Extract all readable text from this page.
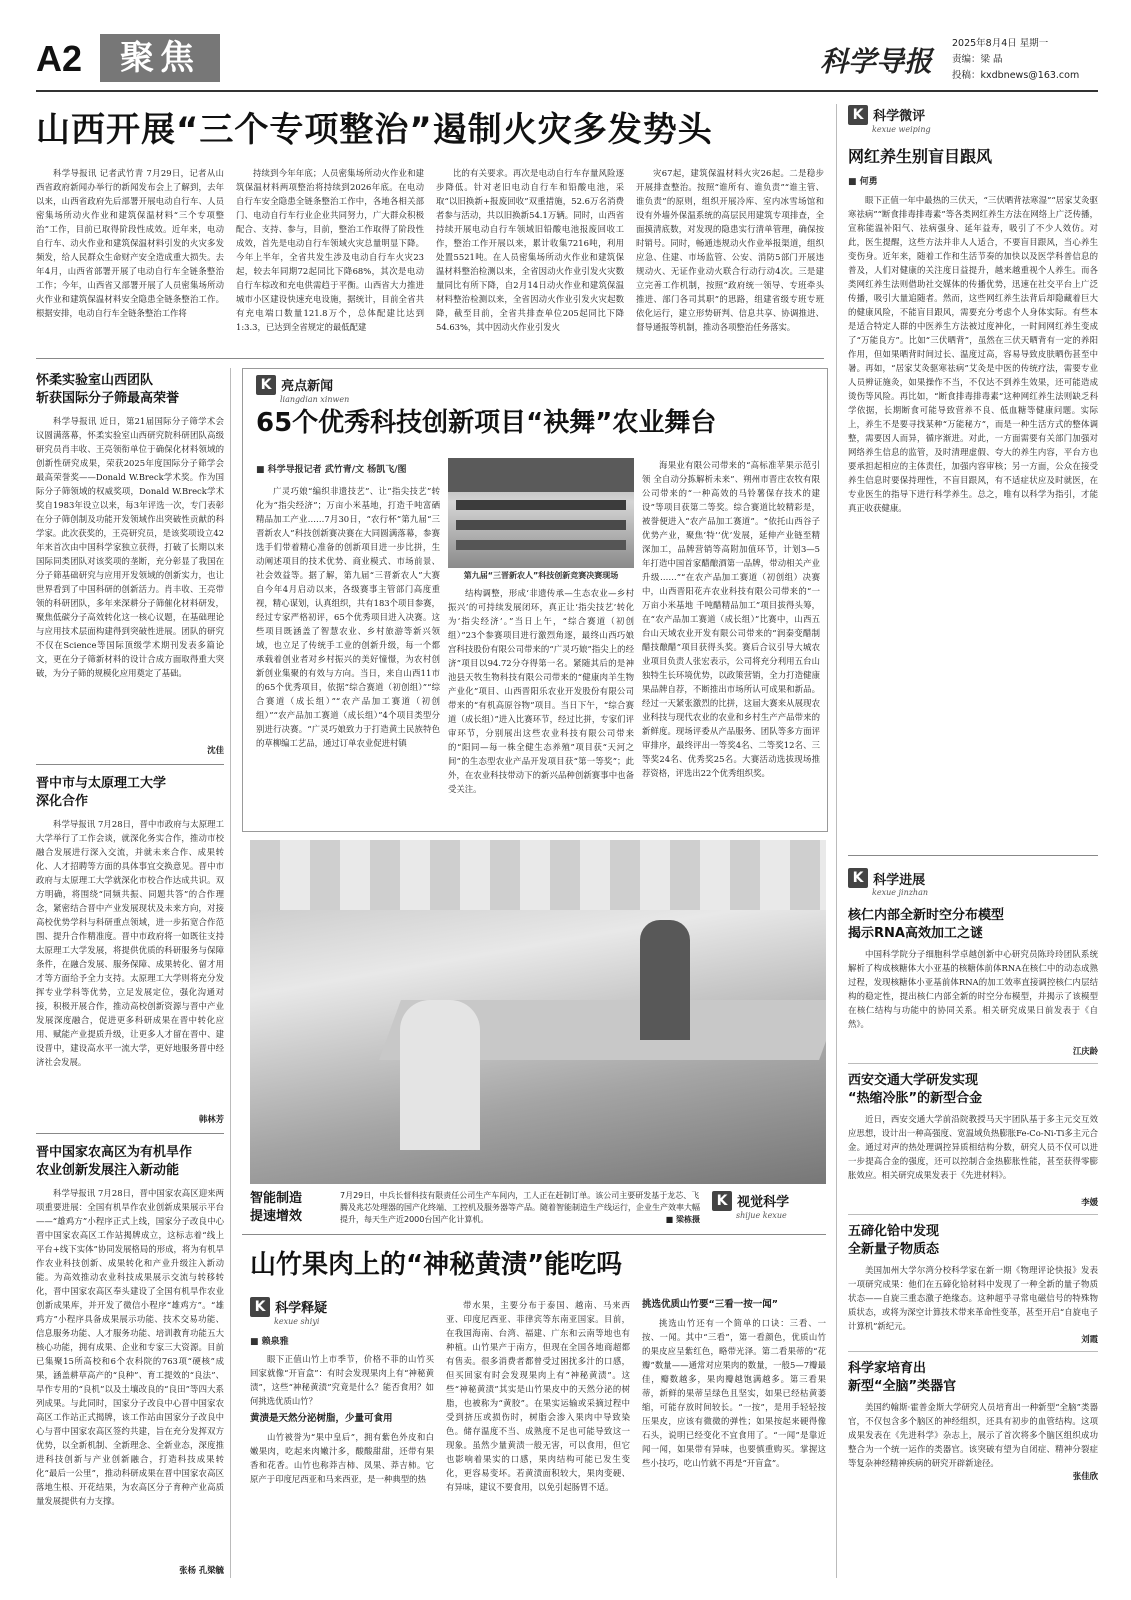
A2	聚焦	科学导报
2025年8月4日 星期一
责编：梁 晶
投稿：kxdbnews@163.com
山西开展“三个专项整治”遏制火灾多发势头

科学导报讯 记者武竹青 7月29日，记者从山西省政府新闻办举行的新闻发布会上了解到，去年以来，山西省政府先后部署开展电动自行车、人员密集场所动火作业和建筑保温材料“三个专项整治”工作，目前已取得阶段性成效。近年来，电动自行车、动火作业和建筑保温材料引发的火灾多发频发，给人民群众生命财产安全造成重大损失。去年4月，山西省部署开展了电动自行车全链条整治工作；今年，山西省又部署开展了人员密集场所动火作业和建筑保温材料安全隐患全链条整治工作。根据安排，电动自行车全链条整治工作将

持续到今年年底；人员密集场所动火作业和建筑保温材料两项整治将持续到2026年底。在电动自行车安全隐患全链条整治工作中，各地各相关部门、电动自行车行业企业共同努力，广大群众积极配合、支持、参与，目前，整治工作取得了阶段性成效，首先是电动自行车领域火灾总量明显下降。今年上半年，全省共发生涉及电动自行车火灾23起，较去年同期72起同比下降68%，其次是电动自行车棕改和充电供需趋于平衡。山西省大力推进城市小区建设快速充电设施，据统计，目前全省共有充电端口数量121.8万个，总体配建比达到1:3.3，已达到全省规定的最低配建

比的有关要求。再次是电动自行车存量风险逐步降低。针对老旧电动自行车和铅酸电池，采取“以旧换新+报废回收”双重措施，52.6万名消费者参与活动，共以旧换新54.1万辆。同时，山西省持续开展电动自行车领域旧铅酸电池报废回收工作，整治工作开展以来，累计收集7216吨，利用处置5521吨。在人员密集场所动火作业和建筑保温材料整治检测以来，全省因动火作业引发火灾数量同比有所下降，自2月14日动火作业和建筑保温材料整治检测以来，全省因动火作业引发火灾起数降，截至目前，全省共排查单位205起同比下降54.63%，其中因动火作业引发火

灾67起，建筑保温材料火灾26起。二是稳步开展排查整治。按照“谁所有、谁负责”“谁主管、谁负责”的原则，组织开展冷库、室内冰雪场馆和设有外墙外保温系统的高层民用建筑专项排查，全面摸清底数，对发现的隐患实行清单管理，确保按时销号。同时，畅通违规动火作业举报渠道，组织应急、住建、市场监管、公安、消防5部门开展违规动火、无证作业动火联合行动行动4次。三是建立完善工作机制，按照“政府统一领导、专班牵头推进、部门各司其职”的思路，组建省级专班专班依化运行，建立形势研判、信息共享、协调推进、督导通报等机制，推动各项整治任务落实。

怀柔实验室山西团队
斩获国际分子筛最高荣誉

科学导报讯 近日，第21届国际分子筛学术会议圆满落幕，怀柔实验室山西研究院科研团队高级研究员肖丰收、王亮领衔单位于确保化材料领域的创新性研究成果，荣获2025年度国际分子筛学会最高荣誉奖——Donald W.Breck学术奖。作为国际分子筛领域的权威奖项，Donald W.Breck学术奖自1983年设立以来，每3年评选一次，专门表彰在分子筛创制及功能开发领域作出突破性贡献的科学家。此次获奖的，王亮研究员，是该奖项设立42年来首次由中国科学家独立获得，打破了长期以来国际同类团队对该奖项的垄断，充分彰显了我国在分子筛基础研究与应用开发领域的创新实力，也让世界看到了中国科研的创新活力。肖丰收、王亮带领的科研团队，多年来深耕分子筛催化材料研发，聚焦低碳分子高效转化这一核心议题，在基础理论与应用技术层面构建得到突破性进展。团队的研究不仅在Science等国际顶级学术期刊发表多篇论文，更在分子筛新材料的设计合成方面取得重大突破，为分子筛的规模化应用奠定了基础。

沈佳
晋中市与太原理工大学
深化合作

科学导报讯 7月28日，晋中市政府与太原理工大学举行了工作会谈，就深化务实合作，推动市校融合发展进行深入交流，并就未来合作、成果转化、人才招聘等方面的具体事宜交换意见。晋中市政府与太原理工大学就深化市校合作达成共识。双方明确，将围绕“同频共振、同题共答”的合作理念，紧密结合晋中产业发展现状及未来方向，对接高校优势学科与科研重点领域，进一步拓宽合作范围、提升合作精准度。晋中市政府将一如既往支持太原理工大学发展，将提供优质的科研服务与保障条件，在融合发展、服务保障、成果转化、留才用才等方面给予全力支持。太原理工大学则将充分发挥专业学科等优势，立足发展定位，强化沟通对接，积极开展合作，推动高校创新资源与晋中产业发展深度融合，促进更多科研成果在晋中转化应用、赋能产业提质升级，让更多人才留在晋中、建设晋中，建设高水平一流大学，更好地服务晋中经济社会发展。

韩林芳
晋中国家农高区为有机旱作
农业创新发展注入新动能

科学导报讯 7月28日，晋中国家农高区迎来两项重要进展：全国有机旱作农业创新成果展示平台——“雄鸡方”小程序正式上线，国家分子改良中心晋中国家农高区工作站揭牌成立，这标志着“线上平台+线下实体”协同发展格局的形成，将为有机旱作农业科技创新、成果转化和产业升级注入新动能。为高效推动农业科技成果展示交流与转移转化，晋中国家农高区奉头建设了全国有机旱作农业创新成果库，并开发了微信小程序“雄鸡方”。“雄鸡方”小程序具备成果展示功能、技术交易功能、信息服务功能、人才服务功能、培训教育功能五大核心功能，拥有成果、企业和专家三大资源。目前已集聚15所高校和6个农科院的763项“硬核”成果，涵盖耕草高产的“良种”、育工提效的“良法”、旱作专用的“良机”以及土壤改良的“良田”等四大系列成果。与此同时，国家分子改良中心晋中国家农高区工作站正式揭牌，该工作站由国家分子改良中心与晋中国家农高区签约共建，旨在充分发挥双方优势，以全新机制、全新理念、全新业态，深度推进科技创新与产业创新融合，打造科技成果转化“最后一公里”，推动科研成果在晋中国家农高区落地生根、开花结果，为农高区分子育种产业高质量发展提供有力支撑。

张杨 孔梁毓
K 亮点新闻
liangdian xinwen
65个优秀科技创新项目“袂舞”农业舞台
■ 科学导报记者 武竹青/文 杨凯飞/图

广灵巧娘“编织非遗技艺”、让“指尖技艺”转化为“指尖经济”；万亩小米基地，打造千吨富硒精品加工产业……7月30日，“农行杯”第九届“三晋新农人”科技创新赛决赛在大同圆满落幕，参赛选手们带着精心准备的创新项目进一步比拼，生动阐述项目的技术优势、商业模式、市场前景、社会效益等。据了解，第九届“三晋新农人”大赛自今年4月启动以来，各级赛事主管部门高度重视，精心谋划，认真组织，共有183个项目参赛，经过专家严格初评，65个优秀项目进入决赛。这些项目既涵盖了智慧农业、乡村旅游等新兴领域，也立足了传统手工业的创新升级，每一个都承载着创业者对乡村振兴的美好憧憬，为农村创新创业集聚的有效与方向。当日，来自山西11市的65个优秀项目，依据“综合赛道（初创组）”“综合赛道（成长组）”“农产品加工赛道（初创组）”“农产品加工赛道（成长组）”4个项目类型分别进行决赛。“广灵巧娘致力于打造黄土民族特色的草柳编工艺品，通过订单农业促进村镇

第九届“三晋新农人”科技创新竞赛决赛现场

结构调整，形成‘非遗传承—生态农业—乡村振兴’的可持续发展闭环，真正让‘指尖技艺’转化为‘指尖经济’。”当日上午，“综合赛道（初创组）”23个参赛项目进行激烈角逐，最终山西巧娘宫科技股份有限公司带来的“广灵巧娘”指尖上的经济”项目以94.72分夺得第一名。紧随其后的是神池县天牧生物科技有限公司带来的“健康肉羊生物产业化”项目、山西晋阳乐农业开发股份有限公司带来的“有机高原谷物”项目。当日下午，“综合赛道（成长组）”进入比赛环节，经过比拼，专家们评审环节，分别展出这些农业科技有限公司带来的“阳同—每一株全健生态养殖”项目获“天河之间”的生态型农业产品开发项目获“第一等奖”；此外，在农业科技带动下的新兴品种创新赛事中也备受关注。

海果业有限公司带来的“高标准苹果示范引领 全自动分拣解析未来”、朔州市晋庄农牧有限公司带来的“一种高效的马铃薯保存技术的建设”等项目获第二等奖。综合赛道比较精彩是，被誉便进入“农产品加工赛道”。“依托山西谷子优势产业，聚焦‘特’‘优’发展，延伸产业链至精深加工，品牌营销等高附加值环节，计划3—5年打造中国首家醋酿酒第一品牌，带动相关产业升级……”“在农产品加工赛道（初创组）决赛中，山西晋阳花卉农业科技有限公司带来的“一万亩小米基地 千吨醋精品加工”项目拔得头筹，在“农产品加工赛道（成长组）”比赛中，山西五台山天域农业开发有限公司带来的“润秦变醋制醋技酿醋”项目获得头奖。赛后合议引导大城农业项目负责人张宏表示，公司将充分利用五台山独特生长环境优势，以政策营销，全力打造健康果品牌自荐，不断推出市场所认可成果和新品。经过一天紧张激烈的比拼，这届大赛来从展现农业科技与现代农业的农业和乡村生产产品带来的新鲜度。现场评委从产品服务、团队等多方面评审排序，最终评出一等奖4名、二等奖12名、三等奖24名、优秀奖25名。大赛活动选拔现场推荐资格，评选出22个优秀组织奖。

智能制造
提速增效
7月29日，中兵长督科技有限责任公司生产车间内，工人正在赶制订单。该公司主要研发基于龙芯、飞腾及兆芯处理器的国产化终端、工控机及服务器等产品。随着智能制造生产线运行，企业生产效率大幅提升，每天生产近2000台国产化计算机。	■ 梁栋摄
K 视觉科学
shijue kexue
山竹果肉上的“神秘黄渍”能吃吗
K 科学释疑
kexue shiyi
■ 赖泉雅

眼下正值山竹上市季节，价格不菲的山竹买回家就像“开盲盒”：有时会发现果肉上有“神秘黄渍”，这些“神秘黄渍”究竟是什么？能否食用？如何挑选优质山竹？

黄渍是天然分泌树脂，少量可食用

山竹被誉为“果中皇后”，拥有紫色外皮和白嫩果肉，吃起来肉嫩汁多，酸酸甜甜，还带有果香和花香。山竹也称莽吉柿、凤果、莽吉柿。它原产于印度尼西亚和马来西亚，是一种典型的热

带水果，主要分布于泰国、越南、马来西亚、印度尼西亚、菲律宾等东南亚国家。目前，在我国海南、台湾、福建、广东和云南等地也有种植。山竹果产于南方，但现在全国各地商超都有售卖。很多消费者都曾受过困扰多汁的口感，但买回家有时会发现果肉上有“神秘黄渍”。这些“神秘黄渍”其实是山竹果皮中的天然分泌的树脂，也被称为“黄胶”。在果实运输或采摘过程中受到挤压或损伤时，树脂会渗入果肉中导致染色。储存温度不当、成熟度不足也可能导致这一现象。虽然少量黄渍一般无害，可以食用，但它也影响着果实的口感，果肉结构可能已发生变化，更容易变坏。若黄渍面积较大，果肉变硬、有异味，建议不要食用，以免引起肠胃不适。

挑选优质山竹要“三看一按一闻”

挑选山竹还有一个简单的口诀：三看、一按、一闻。其中“三看”，第一看颜色，优质山竹的果皮应呈紫红色，略带光泽。第二看果蒂的“花瓣”数量——通常对应果肉的数量，一般5—7瓣最佳，瓣数越多，果肉瓣越饱满越多。第三看果蒂，新鲜的果蒂呈绿色且坚实，如果已经枯黄萎缩，可能存放时间较长。“一按”，是用手轻轻按压果皮，应该有微微的弹性；如果按起来硬得像石头，说明已经变化不宜食用了。“一闻”是靠近闻一闻，如果带有异味，也要慎重购买。掌握这些小技巧，吃山竹就不再是“开盲盒”。

K 科学微评
kexue weiping
网红养生别盲目跟风
■ 何勇

眼下正值一年中最热的三伏天，“三伏晒背祛寒湿”“居家艾灸驱寒祛病”“断食排毒排毒素”等各类网红养生方法在网络上广泛传播，宣称能温补阳气、祛病强身、延年益寿，吸引了不少人效仿。对此，医生提醒，这些方法并非人人适合，不要盲目跟风，当心养生变伤身。近年来，随着工作和生活节奏的加快以及医学科普信息的普及，人们对健康的关注度日益提升，越来越重视个人养生。而各类网红养生法则借助社交媒体的传播优势，迅速在社交平台上广泛传播，吸引大量追随者。然而，这些网红养生法背后却隐藏着巨大的健康风险，不能盲目跟风，需要充分考虑个人身体实际。有些本是适合特定人群的中医养生方法被过度神化，一时间网红养生变成了“万能良方”。比如“三伏晒背”，虽然在三伏天晒背有一定的养阳作用，但如果晒背时间过长、温度过高，容易导致皮肤晒伤甚至中暑。再如，“居家艾灸驱寒祛病”艾灸是中医的传统疗法，需要专业人员辨证施灸，如果操作不当，不仅达不到养生效果，还可能造成烫伤等风险。再比如，“断食排毒排毒素”这种网红养生法则缺乏科学依据，长期断食可能导致营养不良、低血糖等健康问题。实际上，养生不是要寻找某种“万能秘方”，而是一种生活方式的整体调整，需要因人而异，循序渐进。对此，一方面需要有关部门加强对网络养生信息的监管，及时清理虚假、夸大的养生内容，平台方也要承担起相应的主体责任，加强内容审核；另一方面，公众在接受养生信息时要保持理性，不盲目跟风，有不适症状应及时就医，在专业医生的指导下进行科学养生。总之，唯有以科学为指引，才能真正收获健康。

K 科学进展
kexue jinzhan
核仁内部全新时空分布模型
揭示RNA高效加工之谜

中国科学院分子细胞科学卓越创新中心研究员陈玲玲团队系统解析了构成核糖体大小亚基的核糖体前体RNA在核仁中的动态成熟过程，发现核糖体小亚基前体RNA的加工效率直接调控核仁内层结构的稳定性，提出核仁内部全新的时空分布模型，并揭示了该模型在核仁结构与功能中的协同关系。相关研究成果日前发表于《自然》。

江庆龄
西安交通大学研发实现
“热缩冷胀”的新型合金

近日，西安交通大学前沿院教授马天宇团队基于多主元交互效应思想，设计出一种高强度、宽温域负热膨胀Fe-Co-Ni-Ti多主元合金。通过对声的热处理调控异质相结构分数，研究人员不仅可以进一步提高合金的强度，还可以控制合金热膨胀性能，甚至获得零膨胀效应。相关研究成果发表于《先进材料》。

李媛
五碲化铪中发现
全新量子物质态

美国加州大学尔湾分校科学家在新一期《物理评论快报》发表一项研究成果：他们在五碲化铪材料中发现了一种全新的量子物质状态——自旋三重态激子绝缘态。这种超乎寻常电磁信号的特殊物质状态，或将为深空计算技术带来革命性变革，甚至开启“自旋电子计算机”新纪元。

刘霞
科学家培育出
新型“全脑”类器官

美国约翰斯·霍普金斯大学研究人员培育出一种新型“全脑”类器官，不仅包含多个脑区的神经组织，还具有初步的血管结构。这项成果发表在《先进科学》杂志上，展示了首次将多个脑区组织成功整合为一个统一运作的类器官。该突破有望为自闭症、精神分裂症等复杂神经精神疾病的研究开辟新途径。

张佳欣
